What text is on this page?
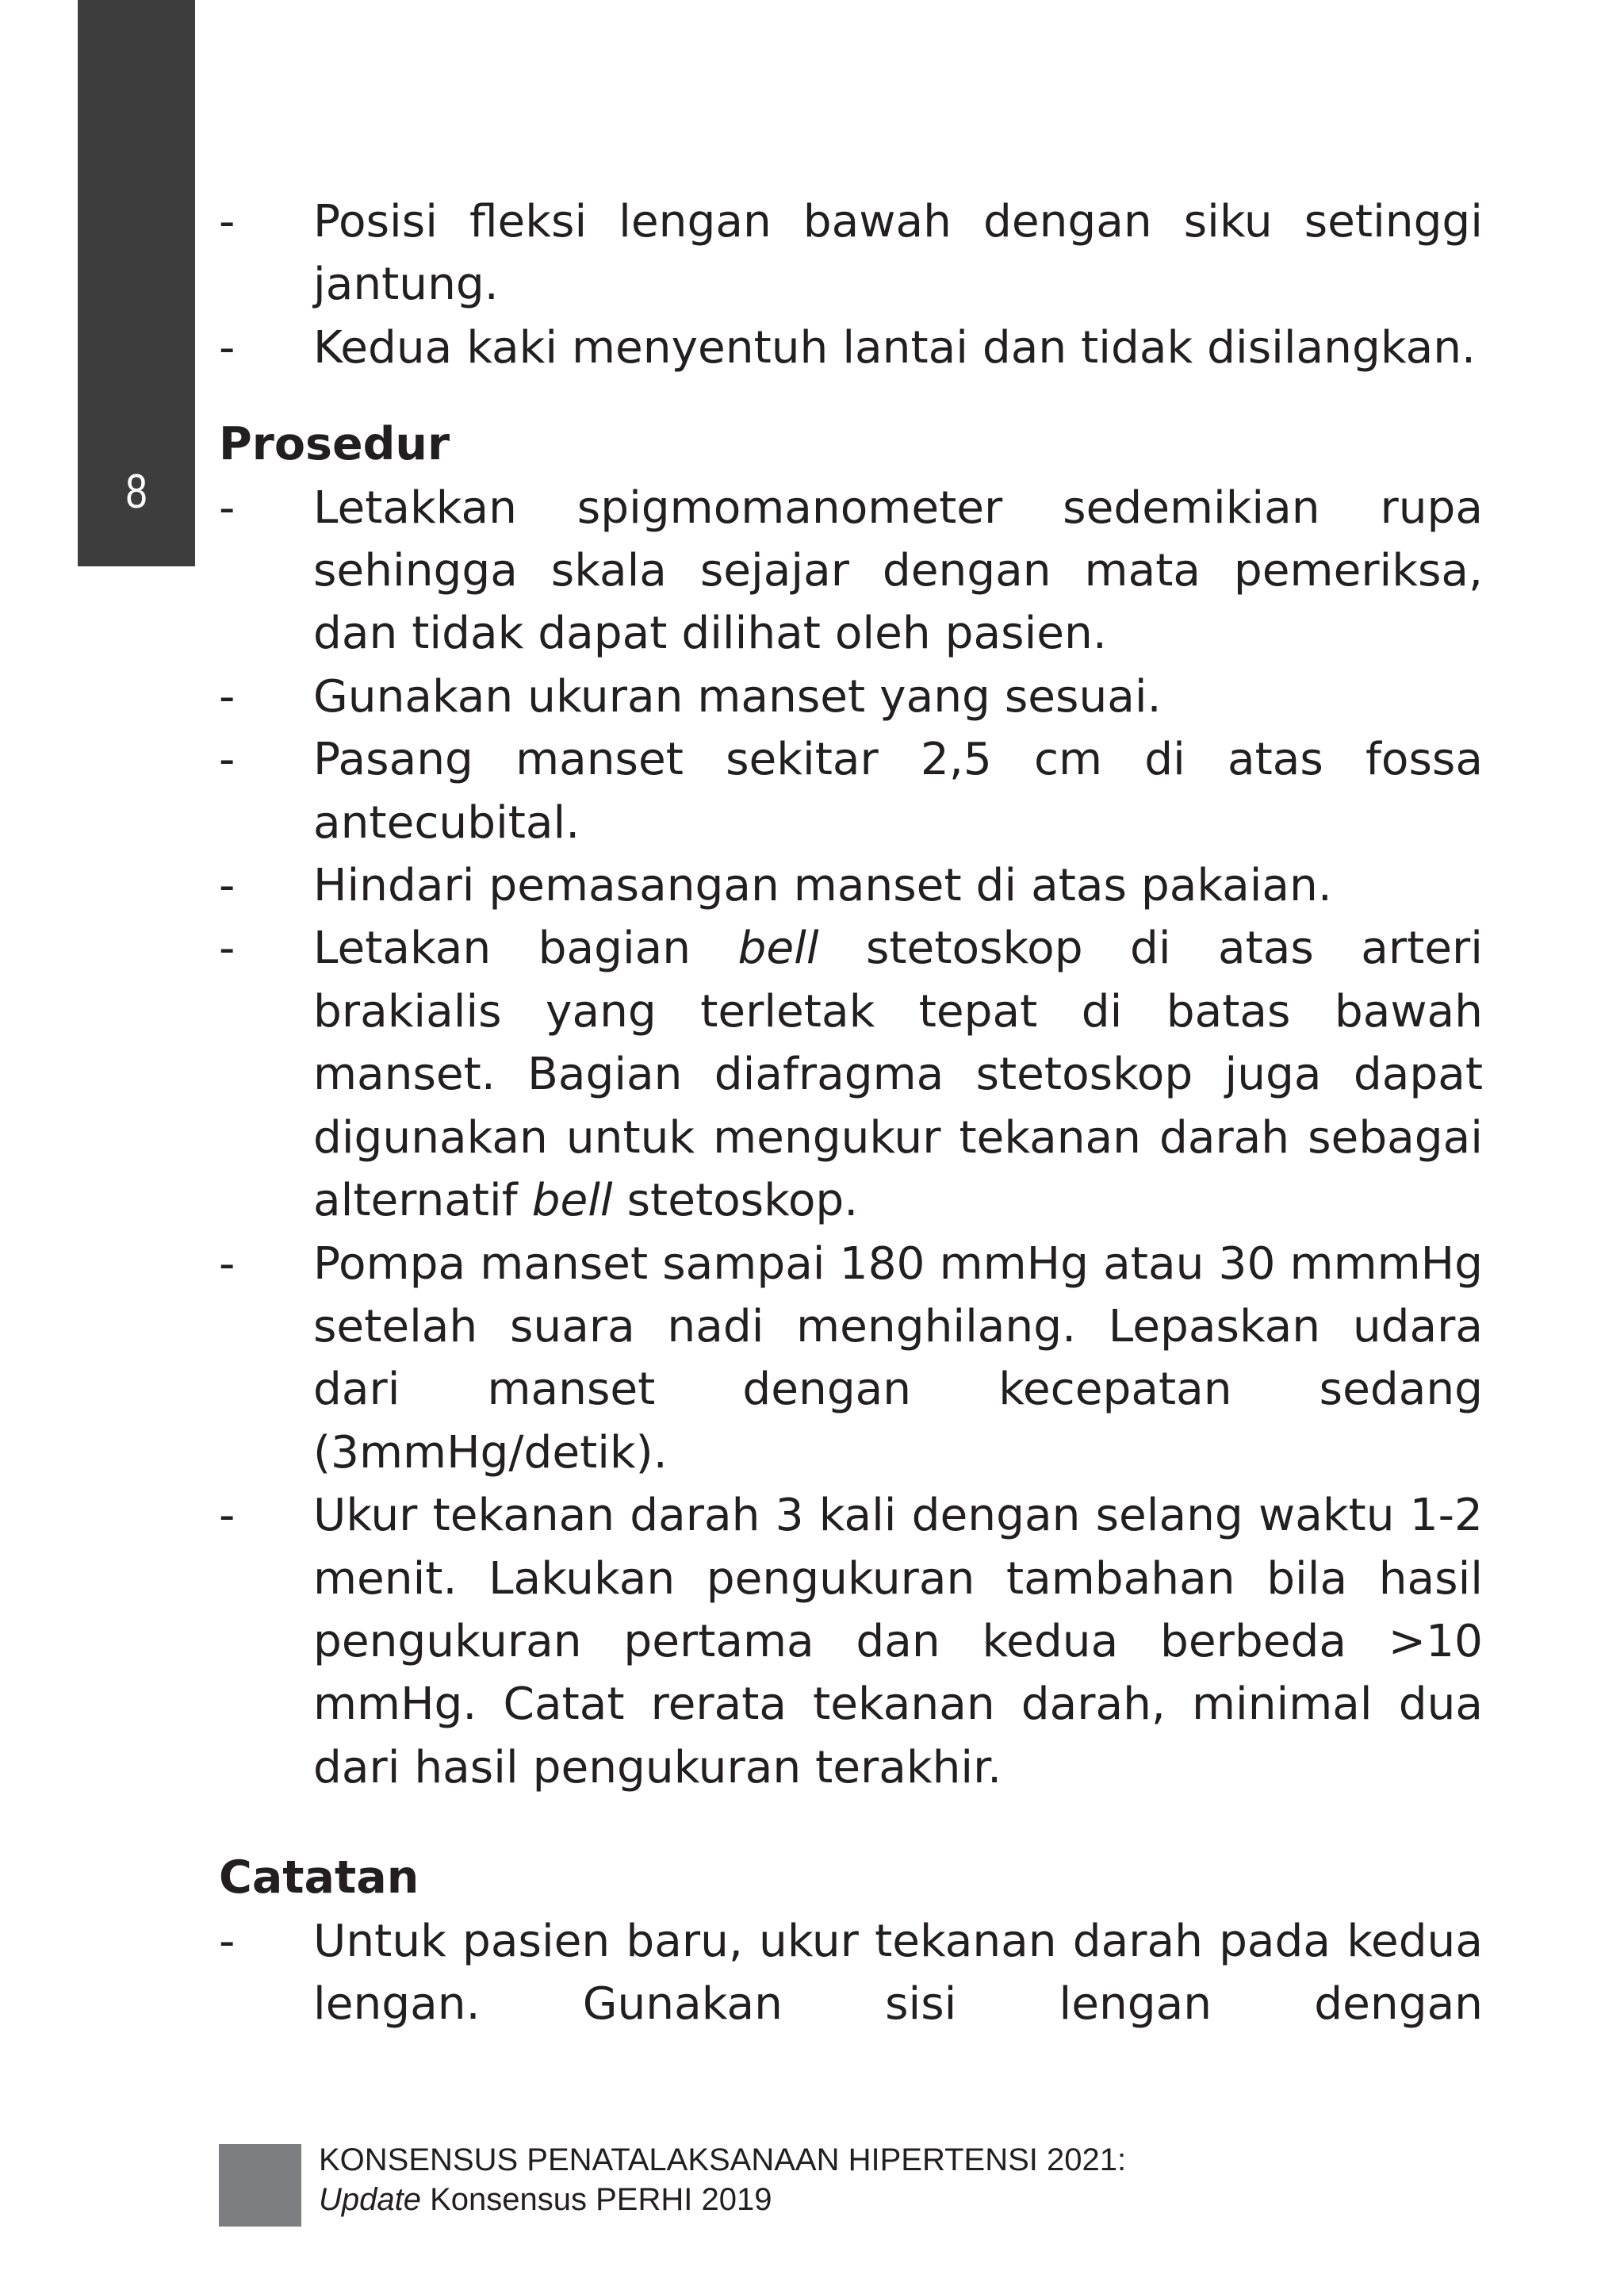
8
-	Posisi fleksi lengan bawah dengan siku setinggi jantung.
-	Kedua kaki menyentuh lantai dan tidak disilangkan.
Prosedur
-	Letakkan spigmomanometer sedemikian rupa sehingga skala sejajar dengan mata pemeriksa, dan tidak dapat dilihat oleh pasien.
-	Gunakan ukuran manset yang sesuai.
-	Pasang manset sekitar 2,5 cm di atas fossa antecubital.
-	Hindari pemasangan manset di atas pakaian.
-	Letakan bagian bell stetoskop di atas arteri brakialis yang terletak tepat di batas bawah manset. Bagian diafragma stetoskop juga dapat digunakan untuk mengukur tekanan darah sebagai alternatif bell stetoskop.
-	Pompa manset sampai 180 mmHg atau 30 mmmHg setelah suara nadi menghilang. Lepaskan udara dari manset dengan kecepatan sedang (3mmHg/detik).
-	Ukur tekanan darah 3 kali dengan selang waktu 1-2 menit. Lakukan pengukuran tambahan bila hasil pengukuran pertama dan kedua berbeda >10 mmHg. Catat rerata tekanan darah, minimal dua dari hasil pengukuran terakhir.
Catatan
-	Untuk pasien baru, ukur tekanan darah pada kedua lengan. Gunakan sisi lengan dengan
KONSENSUS PENATALAKSANAAN HIPERTENSI 2021:
Update Konsensus PERHI 2019
